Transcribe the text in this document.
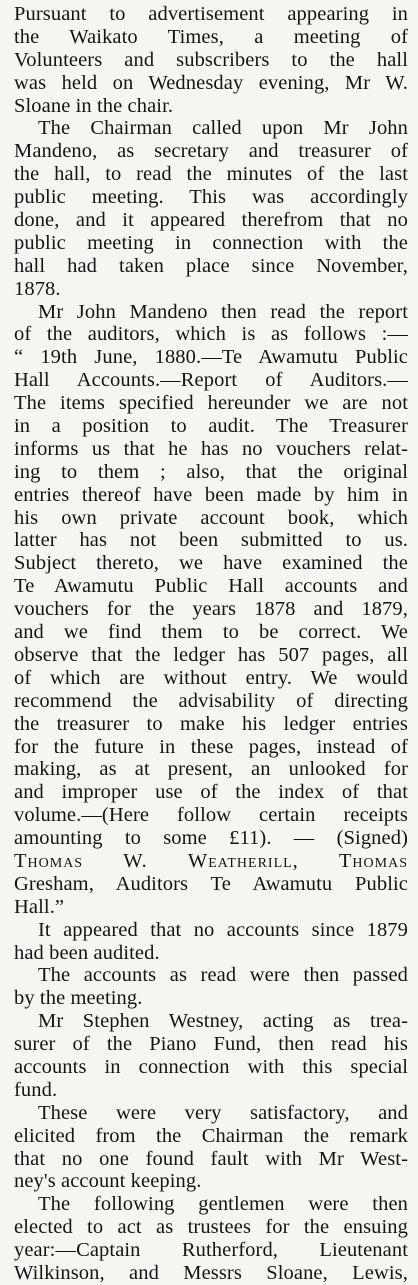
Pursuant to advertisement appearing in
the Waikato Times, a meeting of
Volunteers and subscribers to the hall
was held on Wednesday evening, Mr W.
Sloane in the chair.

The Chairman called upon Mr John
Mandeno, as secretary and treasurer of
the hall, to read the minutes of the last
public meeting. This was accordingly
done, and it appeared therefrom that no
public meeting in connection with the
hall had taken place since November,
1878.

Mr John Mandeno then read the report
of the auditors, which is as follows :—
“ 19th June, 1880.—Te Awamutu Public
Hall Accounts.—Report of Auditors.—
The items specified hereunder we are not
in a position to audit. The Treasurer
informs us that he has no vouchers relat-
ing to them ; also, that the original
entries thereof have been made by him in
his own private account book, which
latter has not been submitted to us.
Subject thereto, we have examined the
Te Awamutu Public Hall accounts and
vouchers for the years 1878 and 1879,
and we find them to be correct. We
observe that the ledger has 507 pages, all
of which are without entry. We would
recommend the advisability of directing
the treasurer to make his ledger entries
for the future in these pages, instead of
making, as at present, an unlooked for
and improper use of the index of that
volume.—(Here follow certain receipts
amounting to some £11). — (Signed)
Thomas W. Weatherill, Thomas
Gresham, Auditors Te Awamutu Public
Hall.”

It appeared that no accounts since 1879
had been audited.

The accounts as read were then passed
by the meeting.

Mr Stephen Westney, acting as trea-
surer of the Piano Fund, then read his
accounts in connection with this special
fund.

These were very satisfactory, and
elicited from the Chairman the remark
that no one found fault with Mr West-
ney's account keeping.

The following gentlemen were then
elected to act as trustees for the ensuing
year:—Captain Rutherford, Lieutenant
Wilkinson, and Messrs Sloane, Lewis,
